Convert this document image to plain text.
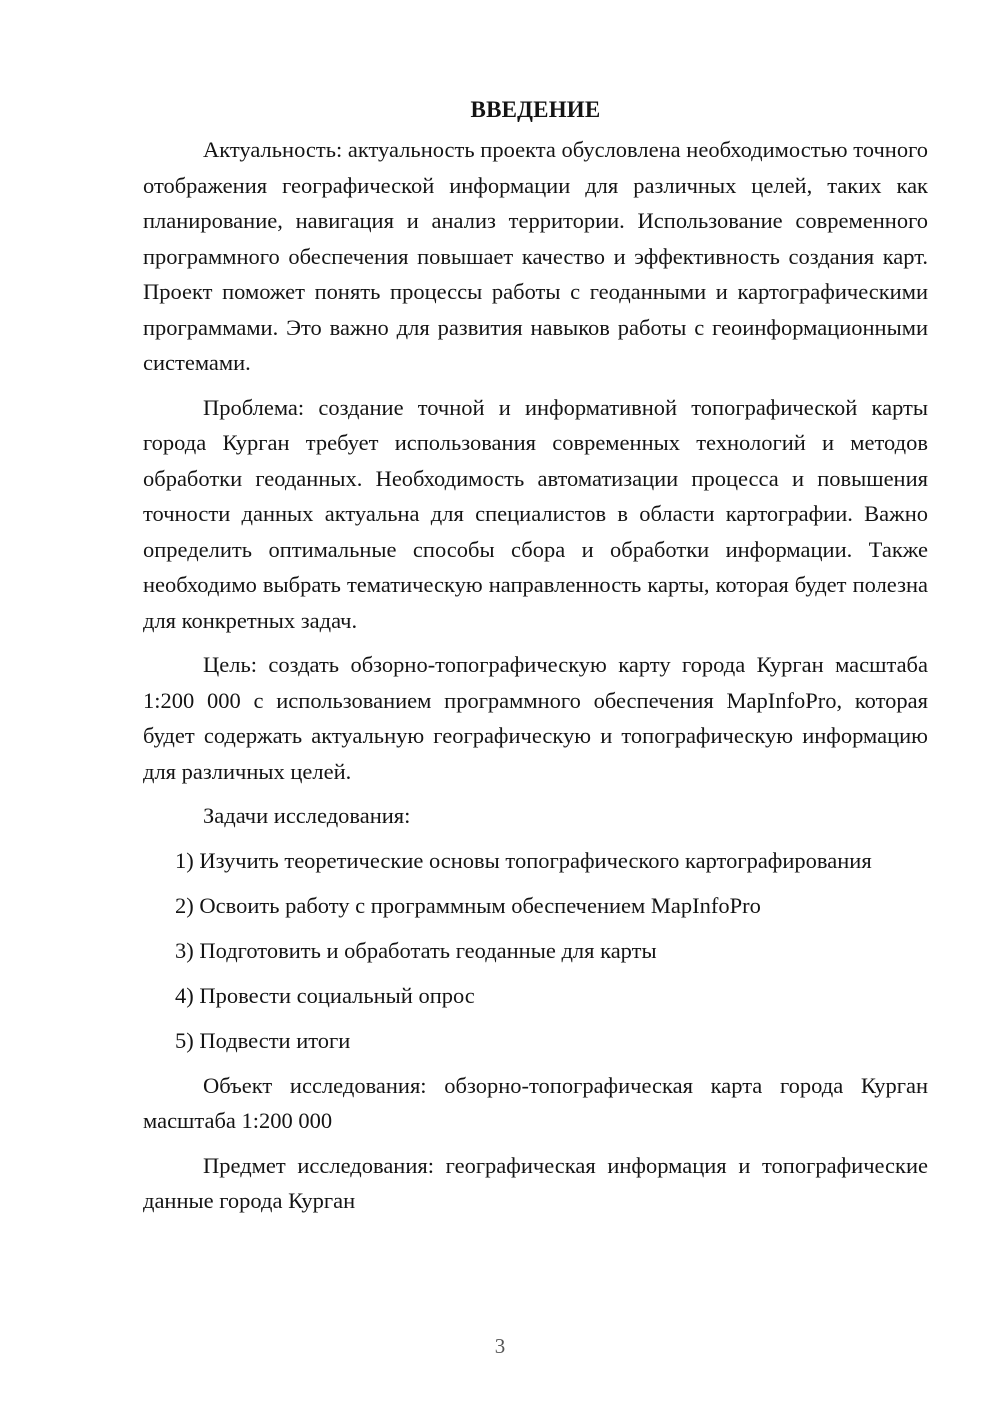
ВВЕДЕНИЕ

Актуальность: актуальность проекта обусловлена необходимостью точного отображения географической информации для различных целей, таких как планирование, навигация и анализ территории. Использование современного программного обеспечения повышает качество и эффективность создания карт. Проект поможет понять процессы работы с геоданными и картографическими программами. Это важно для развития навыков работы с геоинформационными системами.

Проблема: создание точной и информативной топографической карты города Курган требует использования современных технологий и методов обработки геоданных. Необходимость автоматизации процесса и повышения точности данных актуальна для специалистов в области картографии. Важно определить оптимальные способы сбора и обработки информации. Также необходимо выбрать тематическую направленность карты, которая будет полезна для конкретных задач.

Цель: создать обзорно-топографическую карту города Курган масштаба 1:200 000 с использованием программного обеспечения MapInfoPro, которая будет содержать актуальную географическую и топографическую информацию для различных целей.

Задачи исследования:

1) Изучить теоретические основы топографического картографирования

2) Освоить работу с программным обеспечением MapInfoPro

3) Подготовить и обработать геоданные для карты

4) Провести социальный опрос

5) Подвести итоги

Объект исследования: обзорно-топографическая карта города Курган масштаба 1:200 000

Предмет исследования: географическая информация и топографические данные города Курган

3
